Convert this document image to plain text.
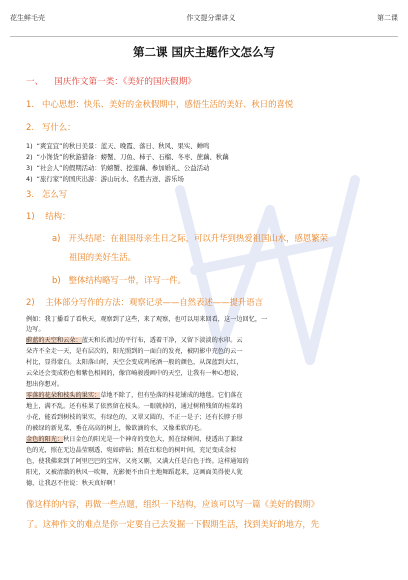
花生鲜毛壳	作文提分课讲义	第二课
第二课 国庆主题作文怎么写
一、 国庆作文第一类：《美好的国庆假期》
1. 中心思想：快乐、美好的金秋假期中，感悟生活的美好、秋日的喜悦
2. 写什么：
1) “爽宜宜”的秋日美景：蓝天、晚霞、落日、秋风、果实、蝉鸣
2) “小馋货”的秋游猎备：螃蟹、刀鱼、柿子、石榴、冬枣、蔗藕、秋藕
3) “社会人”的假期活动：钓螃蟹、挖莲藕、参加婚礼、公益活动
4) “旅行家”的国庆出游：游山玩水、名胜古迹、游乐场
3. 怎么写
1) 结构：
a) 开头结尾：在祖国母亲生日之际，可以升华到热爱祖国山水，感恩繁荣
祖国的美好生活。
b) 整体结构略写一带，详写一件。
2) 主体部分写作的方法：观察记录——自然表述——提升语言
例如：我丁播看了看秋天，观察到了这些，来了观察，也可以用来回看，这一边回忆，一
边写。
蔚蓝的天空和云朵：蓝天和长流过的平行布，透着干净，又留下淡淡的水印。云
朵卉不全走一天，是有层次的，阳光照到的一面白的发亮，被阴影中充色的云一
村比，显得蒙白。太阳落山时，天空会变成鸡尾酒一般的颜色，从深蓝到大红，
云朵还会变成粉色和紫色相间的，像宫崎骏漫画中的天空，让我有一种心想说，
想出你想对。
零落的花朵和枝头的果实：草地不除了，但有坠落的桂花铺成的地毯。它们落在
地上，满不乱。还有桂果了依然留在枝头。一眼就掉的，通过树稍残留的桂菜的
小花，能看到树枝的果实，有绿色的，又翠又圆的，不正一是子；还有长脖子形
的被绿的新见菜，垂在高高的树上，像欲滴的水，又像柔软的毛。
金色的阳光：秋日金色的阳光是一个神奇的变色大，照在绿树间，使透出了兼绿
色的光，照在无边晶莹剔透，宛如碎钻；照在红棕色的树叶间，充足变成金棕
色，使我佛来到了阿里巴巴的宝库，又亮又剔，又满大任是白色于终。这样通知的
阳光，又被清澈的秋风一吹舞，光影便不由自主地舞蹈起来，这画面美得使人犹
德，让我忍不住说：秋天真好啊！
像这样的内容，再做一些点题，组织一下结构，应该可以写一篇《美好的假期》
了。这种作文的难点是你一定要自己去发掘一下假期生活，找到美好的地方，先
